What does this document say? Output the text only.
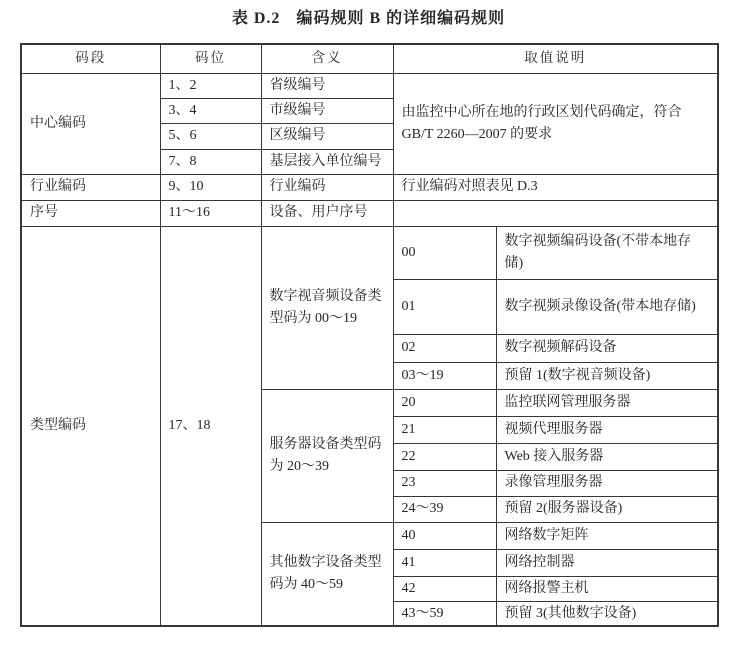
表 D.2 编码规则 B 的详细编码规则
码段	码位	含义	取值说明	
中心编码	1、2	省级编号	由监控中心所在地的行政区划代码确定，符合 GB/T 2260—2007 的要求	
	3、4	市级编号		
	5、6	区级编号		
	7、8	基层接入单位编号		
行业编码	9、10	行业编码	行业编码对照表见 D.3	
序号	11～16	设备、用户序号		
类型编码	17、18	数字视音频设备类型码为 00～19	00	数字视频编码设备(不带本地存储)
			01	数字视频录像设备(带本地存储)
			02	数字视频解码设备
			03～19	预留 1(数字视音频设备)
		服务器设备类型码为 20～39	20	监控联网管理服务器
			21	视频代理服务器
			22	Web 接入服务器
			23	录像管理服务器
			24～39	预留 2(服务器设备)
		其他数字设备类型码为 40～59	40	网络数字矩阵
			41	网络控制器
			42	网络报警主机
			43～59	预留 3(其他数字设备)
